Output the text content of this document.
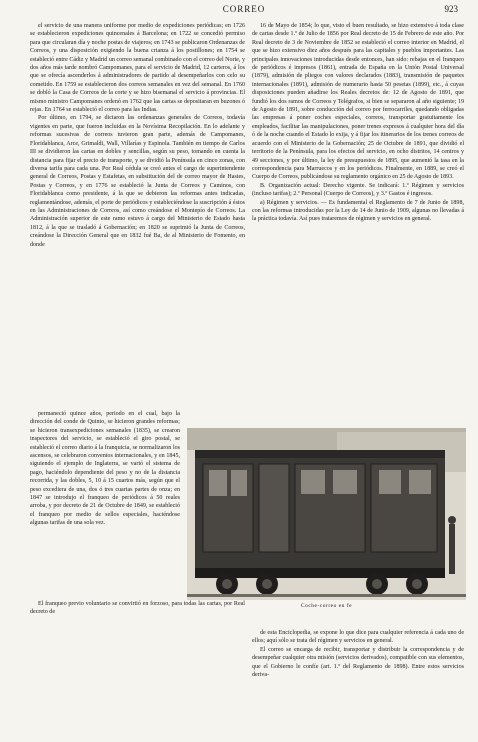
CORREO	923

el servicio de una manera uniforme por medio de expediciones periódicas; en 1726 se establecieron expediciones quincenales á Barcelona; en 1722 se concedió permiso para que circularan día y noche postas de viajeros; en 1743 se publicaron Ordenanzas de Correos, y una disposición exigiendo la buena crianza á los postillones; en 1754 se estableció entre Cádiz y Madrid un correo semanal combinado con el correo del Norte, y dos años más tarde nombró Campomanes, para el servicio de Madrid, 12 carteros, á los que se ofrecía ascenderlos á administradores de partido al desempeñarlos con celo su cometido. En 1759 se establecieron dos correos semanales en vez del semanal. En 1760 se dobló la Casa de Correos de la corte y se hizo bisemanal el servicio á provincias. El mismo ministro Campomanes ordenó en 1762 que las cartas se depositaran en buzones ó rejas. En 1764 se estableció el correo para las Indias.

Por último, en 1794, se dictaron las ordenanzas generales de Correos, todavía vigentes en parte, que fueron incluidas en la Novísima Recopilación. En lo adelante y reformas sucesivas de correos tuvieron gran parte, además de Campomanes, Floridablanca, Arce, Grimaldi, Wall, Villarías y Espinola. También en tiempo de Carlos III se dividieron las cartas en dobles y sencillas, según su peso, tomando en cuenta la distancia para fijar el precio de transporte, y se dividió la Península en cinco zonas, con diversa tarifa para cada una. Por Real cédula se creó antes el cargo de superintendente general de Correos, Postas y Estafetas, en substitución del de correo mayor de Hastes, Postas y Correos, y en 1776 se estableció la Junta de Correos y Caminos, con Floridablanca como presidente, á la que se debieron las reformas antes indicadas, reglamentándose, además, el porte de periódicos y estableciéndose la suscripción á éstos en las Administraciones de Correos, así como creándose el Montepío de Correos. La Administración superior de este ramo estuvo á cargo del Ministerio de Estado hasta 1812, á la que se trasladó á Gobernación; en 1820 se suprimió la Junta de Correos, creándose la Dirección General que en 1832 fué Ba, de al Ministerio de Fomento, en donde

permaneció quince años, periodo en el cual, bajo la dirección del conde de Quinto, se hicieron grandes reformas; se hicieron transexpediciones semanales (1835), se crearon inspectores del servicio, se estableció el giro postal, se estableció el correo diario á la franquicia, se normalizaron los ascensos, se celebraron convenios internacionales, y en 1845, siguiendo el ejemplo de Inglaterra, se varió el sistema de pago, haciéndolo dependiente del peso y no de la distancia recorrida, y las dobles, 5, 10 á 15 cuartos más, según que el peso excediera de una, dos ó tres cuartas partes de onza; en 1847 se introdujo el franqueo de periódicos á 50 reales arroba, y por decreto de 21 de Octubre de 1849, se estableció el franqueo por medio de sellos especiales, haciéndose algunas tarifas de una sola vez.

El franqueo previo voluntario se convirtió en forzoso, para todas las cartas, por Real decreto de

16 de Mayo de 1854; lo que, visto el buen resultado, se hizo extensivo á toda clase de cartas desde 1.º de Julio de 1856 por Real decreto de 15 de Febrero de este año. Por Real decreto de 3 de Noviembre de 1852 se estableció el correo interior en Madrid, el que se hizo extensivo diez años después para las capitales y pueblos importantes. Las principales innovaciones introducidas desde entonces, han sido: rebajas en el franqueo de periódicos é impresos (1861), entrada de España en la Unión Postal Universal (1879), admisión de pliegos con valores declarados (1883), transmisión de paquetes internacionales (1891), admisión de numerario hasta 50 pesetas (1899), etc., á cuyas disposiciones pueden añadirse los Reales decretos de: 12 de Agosto de 1891, que fundió los dos ramos de Correos y Telégrafos, si bien se separaron al año siguiente; 19 de Agosto de 1891, sobre conducción del correo por ferrocarriles, quedando obligadas las empresas á poner coches especiales, correos, transportar gratuitamente los empleados, facilitar las manipulaciones, poner trenes expresos á cualquier hora del día ó de la noche cuando el Estado lo exija, y á fijar los itinerarios de los trenes correos de acuerdo con el Ministerio de la Gobernación; 25 de Octubre de 1891, que dividió el territorio de la Península, para los efectos del servicio, en ocho distritos, 14 centros y 49 secciones, y por último, la ley de presupuestos de 1895, que aumentó la tasa en la correspondencia para Marruecos y en los periódicos. Finalmente, en 1889, se creó el Cuerpo de Correos, publicándose su reglamento orgánico en 25 de Agosto de 1893.

B. Organización actual: Derecho vigente. Se indicará: 1.º Régimen y servicios (incluso tarifas); 2.º Personal (Cuerpo de Correos), y 3.º Gastos é ingresos.

a) Régimen y servicios. — Es fundamental el Reglamento de 7 de Junio de 1898, con las reformas introducidas por la Ley de 14 de Junio de 1909, algunas no llevadas á la práctica todavía. Así pues trataremos de régimen y servicios en general.

Coche-correo en fe

de esta Enciclopedia, se expone lo que dice para cualquier referencia á cada uno de ellos; aquí sólo se trata del régimen y servicios en general.

El correo se encarga de recibir, transportar y distribuir la correspondencia y de desempeñar cualquier otra misión (servicios derivados), compatible con sus elementos, que el Gobierno le confíe (art. 1.º del Reglamento de 1898). Entre estos servicios deriva-
